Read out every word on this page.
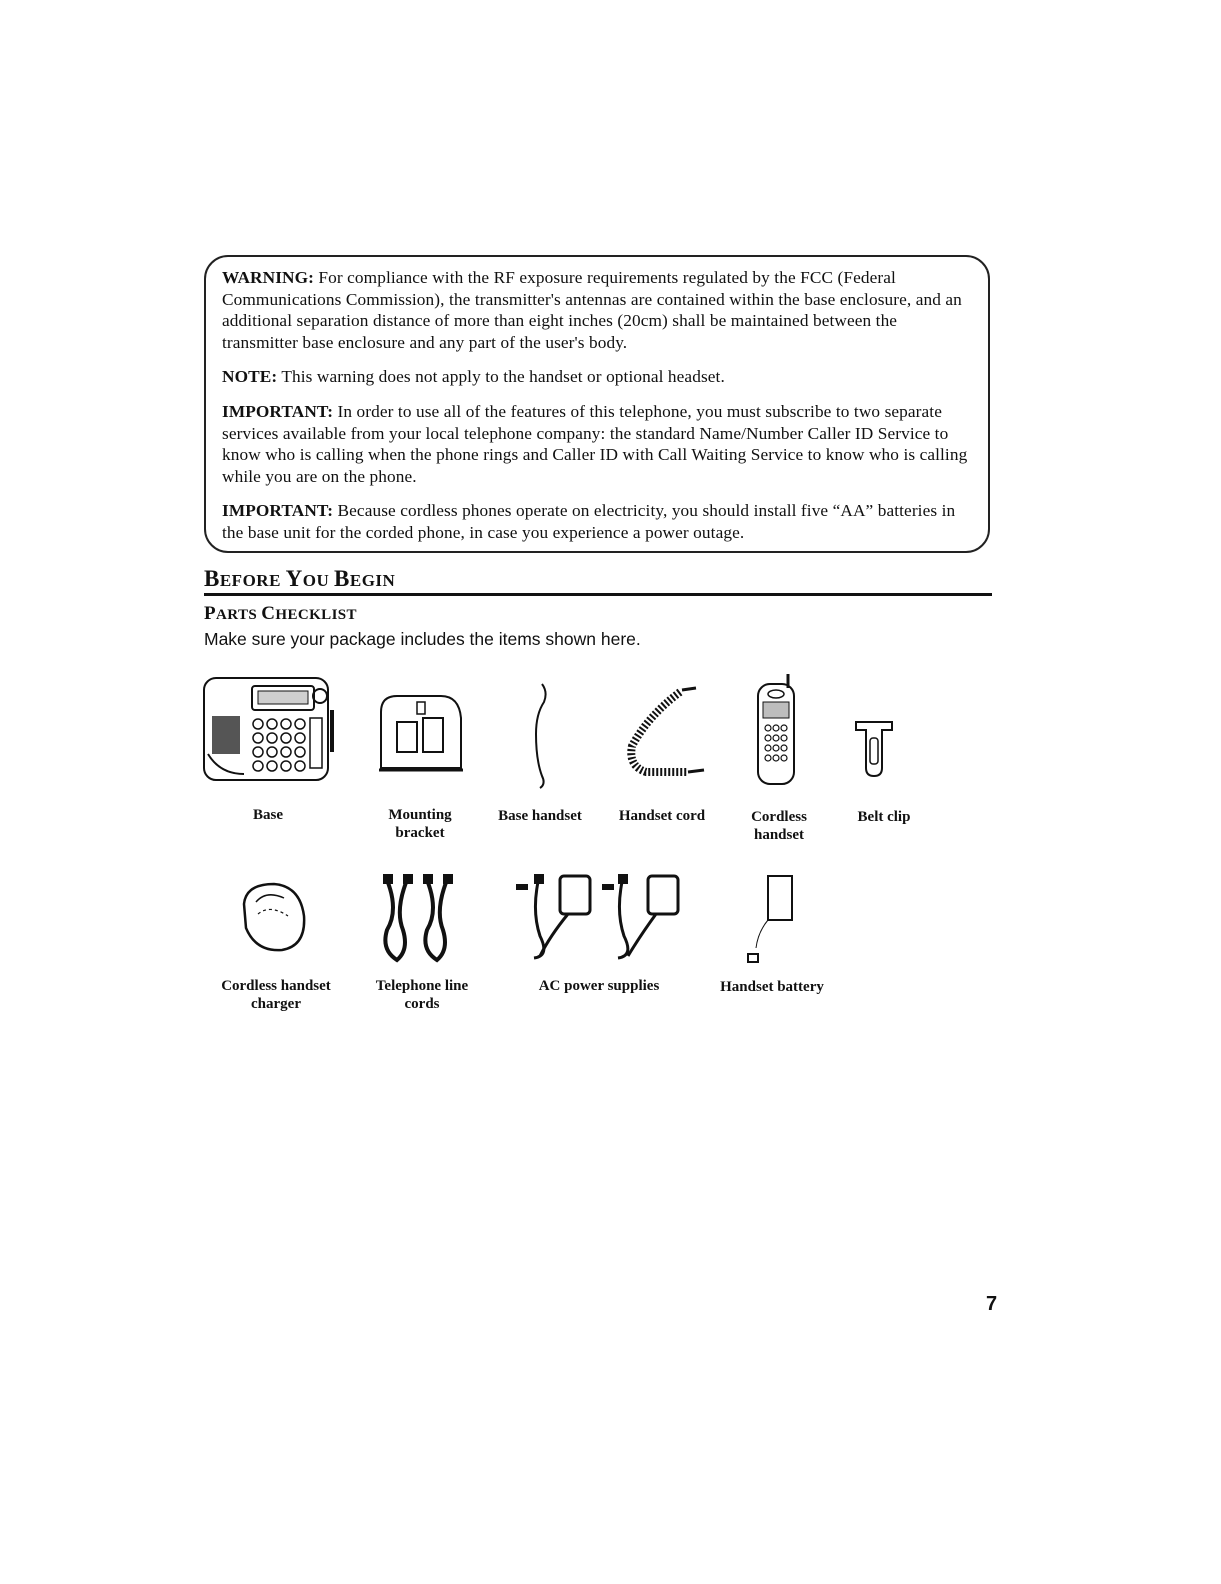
WARNING: For compliance with the RF exposure requirements regulated by the FCC (Federal Communications Commission), the transmitter's antennas are contained within the base enclosure, and an additional separation distance of more than eight inches (20cm) shall be maintained between the transmitter base enclosure and any part of the user's body.

NOTE: This warning does not apply to the handset or optional headset.

IMPORTANT: In order to use all of the features of this telephone, you must subscribe to two separate services available from your local telephone company: the standard Name/Number Caller ID Service to know who is calling when the phone rings and Caller ID with Call Waiting Service to know who is calling while you are on the phone.

IMPORTANT: Because cordless phones operate on electricity, you should install five “AA” batteries in the base unit for the corded phone, in case you experience a power outage.

BEFORE YOU BEGIN
PARTS CHECKLIST
Make sure your package includes the items shown here.
Base	Mounting
bracket
Base handset	Handset cord	Cordless
handset
Belt clip
Cordless handset
charger
Telephone line
cords
AC power supplies	Handset battery
7
